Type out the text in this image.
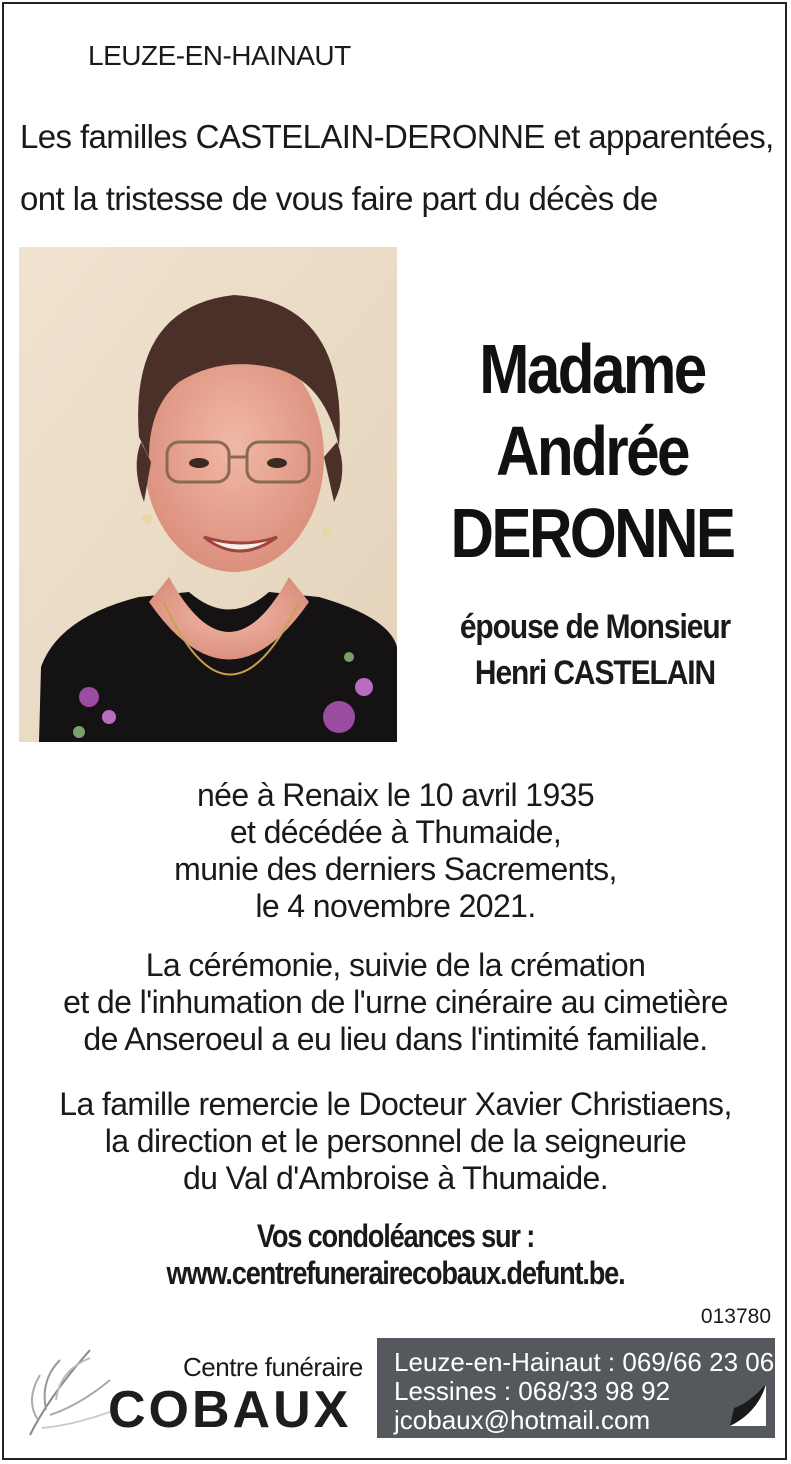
LEUZE-EN-HAINAUT
Les familles CASTELAIN-DERONNE et apparentées,
ont la tristesse de vous faire part du décès de
Madame
Andrée
DERONNE
épouse de Monsieur
Henri CASTELAIN
née à Renaix le 10 avril 1935
et décédée à Thumaide,
munie des derniers Sacrements,
le 4 novembre 2021.
La cérémonie, suivie de la crémation
et de l'inhumation de l'urne cinéraire au cimetière
de Anseroeul a eu lieu dans l'intimité familiale.
La famille remercie le Docteur Xavier Christiaens,
la direction et le personnel de la seigneurie
du Val d'Ambroise à Thumaide.
Vos condoléances sur :
www.centrefunerairecobaux.defunt.be.
013780
Centre funéraire
COBAUX
Leuze-en-Hainaut : 069/66 23 06
Lessines : 068/33 98 92
jcobaux@hotmail.com
